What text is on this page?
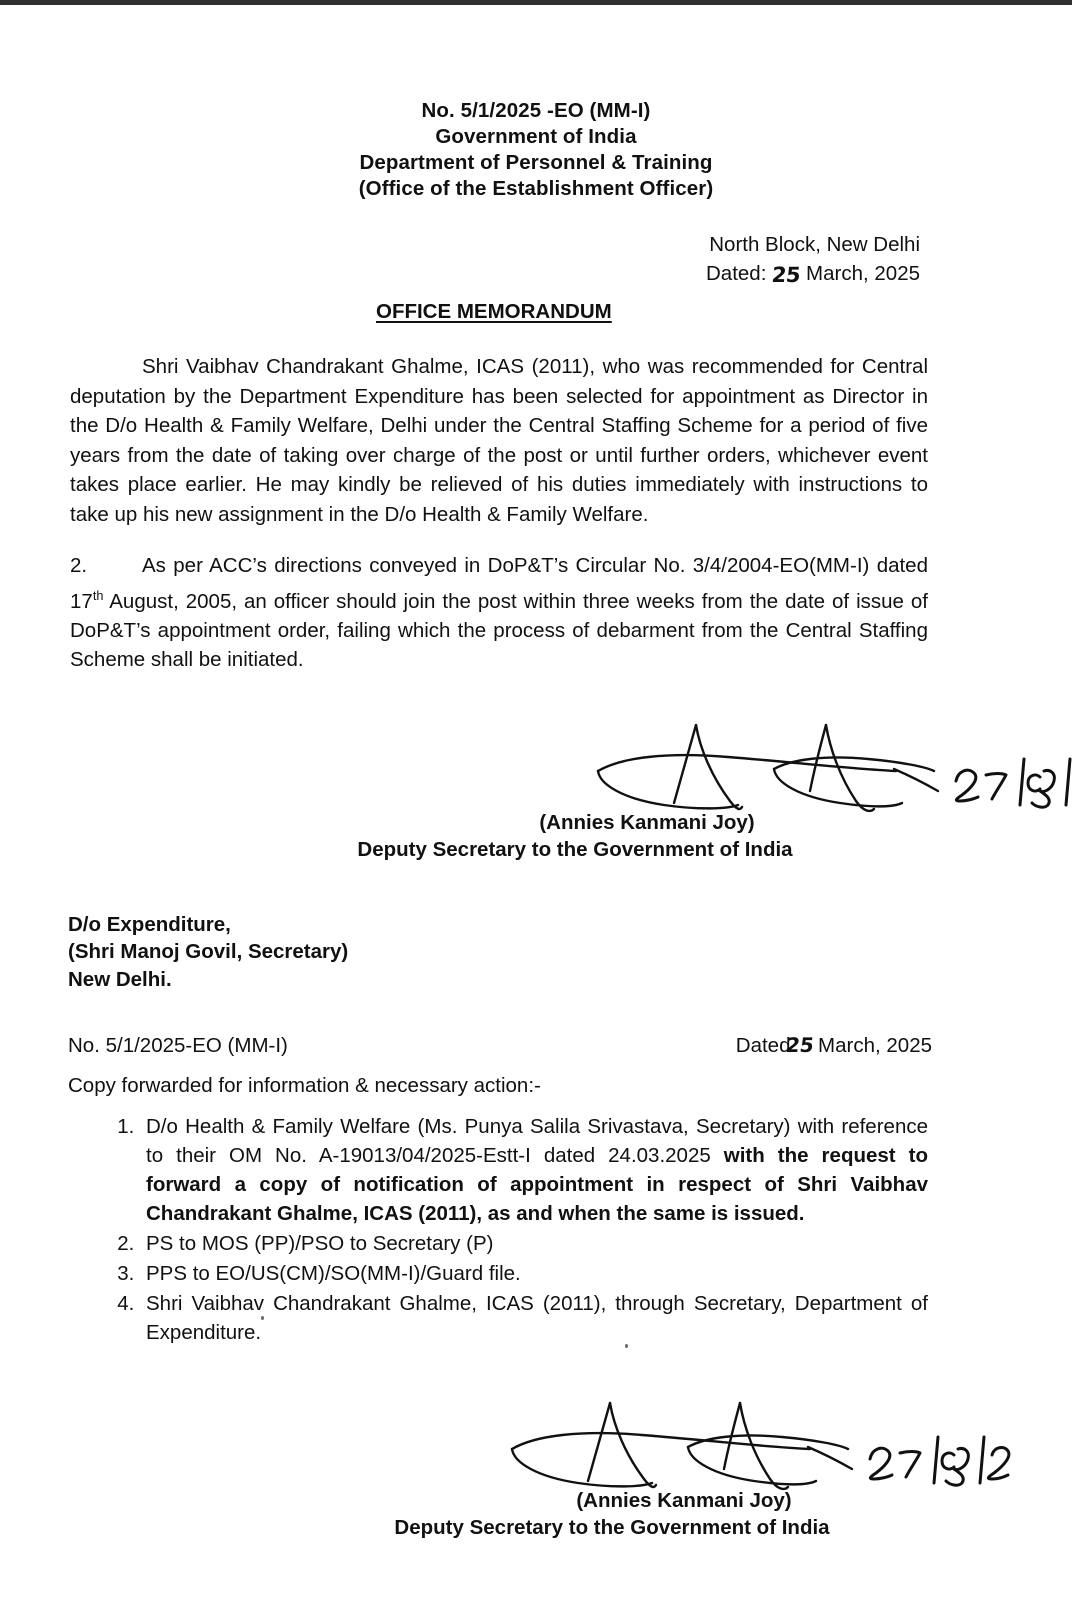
No. 5/1/2025 -EO (MM-I)
Government of India
Department of Personnel & Training
(Office of the Establishment Officer)
North Block, New Delhi
Dated: 25 March, 2025
OFFICE MEMORANDUM

Shri Vaibhav Chandrakant Ghalme, ICAS (2011), who was recommended for Central deputation by the Department Expenditure has been selected for appointment as Director in the D/o Health & Family Welfare, Delhi under the Central Staffing Scheme for a period of five years from the date of taking over charge of the post or until further orders, whichever event takes place earlier. He may kindly be relieved of his duties immediately with instructions to take up his new assignment in the D/o Health & Family Welfare.

2.	As per ACC’s directions conveyed in DoP&T’s Circular No. 3/4/2004-EO(MM-I) dated 17th August, 2005, an officer should join the post within three weeks from the date of issue of DoP&T’s appointment order, failing which the process of debarment from the Central Staffing Scheme shall be initiated.

(Annies Kanmani Joy)
Deputy Secretary to the Government of India
D/o Expenditure,
(Shri Manoj Govil, Secretary)
New Delhi.
No. 5/1/2025-EO (MM-I)	Dated25 March, 2025
Copy forwarded for information & necessary action:-
1. D/o Health & Family Welfare (Ms. Punya Salila Srivastava, Secretary) with reference to their OM No. A-19013/04/2025-Estt-I dated 24.03.2025 with the request to forward a copy of notification of appointment in respect of Shri Vaibhav Chandrakant Ghalme, ICAS (2011), as and when the same is issued.
2. PS to MOS (PP)/PSO to Secretary (P)
3. PPS to EO/US(CM)/SO(MM-I)/Guard file.
4. Shri Vaibhav Chandrakant Ghalme, ICAS (2011), through Secretary, Department of Expenditure.
(Annies Kanmani Joy)
Deputy Secretary to the Government of India
